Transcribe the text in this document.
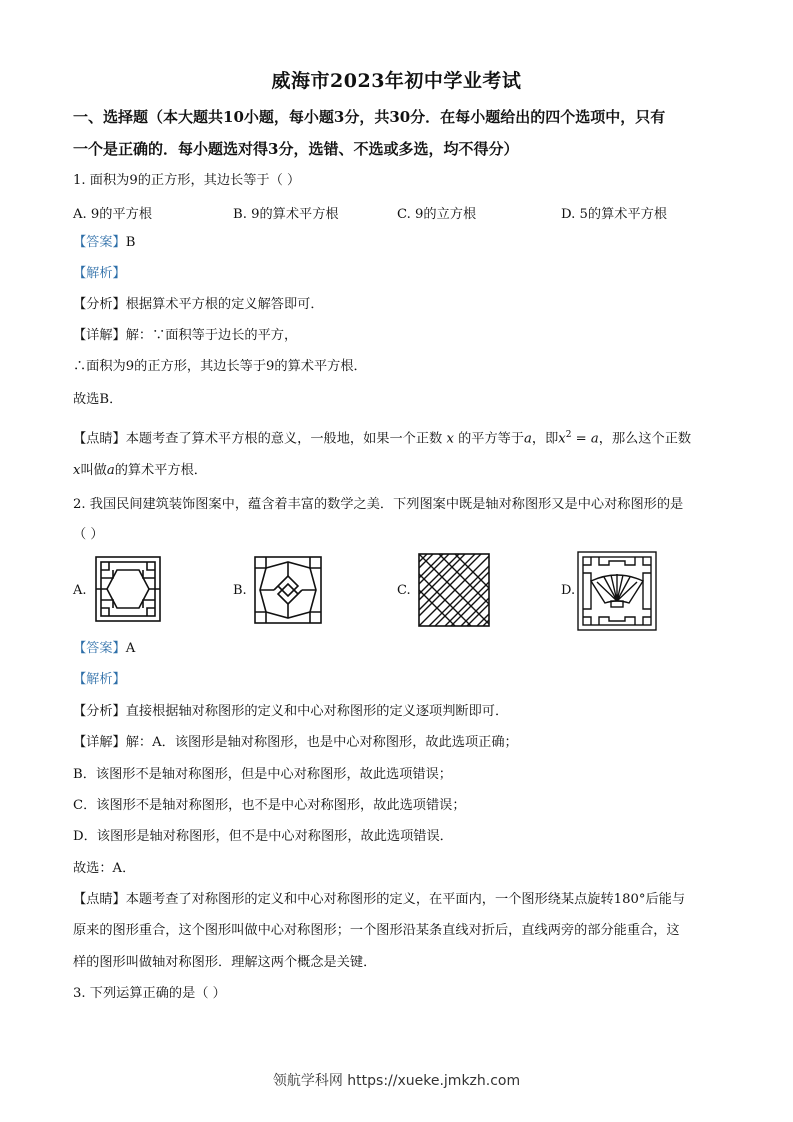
威海市2023年初中学业考试
一、选择题（本大题共10小题，每小题3分，共30分．在每小题给出的四个选项中，只有
一个是正确的．每小题选对得3分，选错、不选或多选，均不得分）
1. 面积为9的正方形，其边长等于（ ）
A. 9的平方根	B. 9的算术平方根	C. 9的立方根	D. 5的算术平方根
【答案】B
【解析】
【分析】根据算术平方根的定义解答即可．
【详解】解：∵面积等于边长的平方，
∴面积为9的正方形，其边长等于9的算术平方根．
故选B．
【点睛】本题考查了算术平方根的意义，一般地，如果一个正数 x 的平方等于a，即$x^2 = a$，那么这个正数
x叫做a的算术平方根．
2. 我国民间建筑装饰图案中，蕴含着丰富的数学之美．下列图案中既是轴对称图形又是中心对称图形的是
（ ）
A.	B.	C.	D.
【答案】A
【解析】
【分析】直接根据轴对称图形的定义和中心对称图形的定义逐项判断即可．
【详解】解：A．该图形是轴对称图形，也是中心对称图形，故此选项正确；
B．该图形不是轴对称图形，但是中心对称图形，故此选项错误；
C．该图形不是轴对称图形，也不是中心对称图形，故此选项错误；
D．该图形是轴对称图形，但不是中心对称图形，故此选项错误．
故选：A．
【点睛】本题考查了对称图形的定义和中心对称图形的定义，在平面内，一个图形绕某点旋转180°后能与
原来的图形重合，这个图形叫做中心对称图形；一个图形沿某条直线对折后，直线两旁的部分能重合，这
样的图形叫做轴对称图形．理解这两个概念是关键．
3. 下列运算正确的是（ ）
领航学科网 https://xueke.jmkzh.com
